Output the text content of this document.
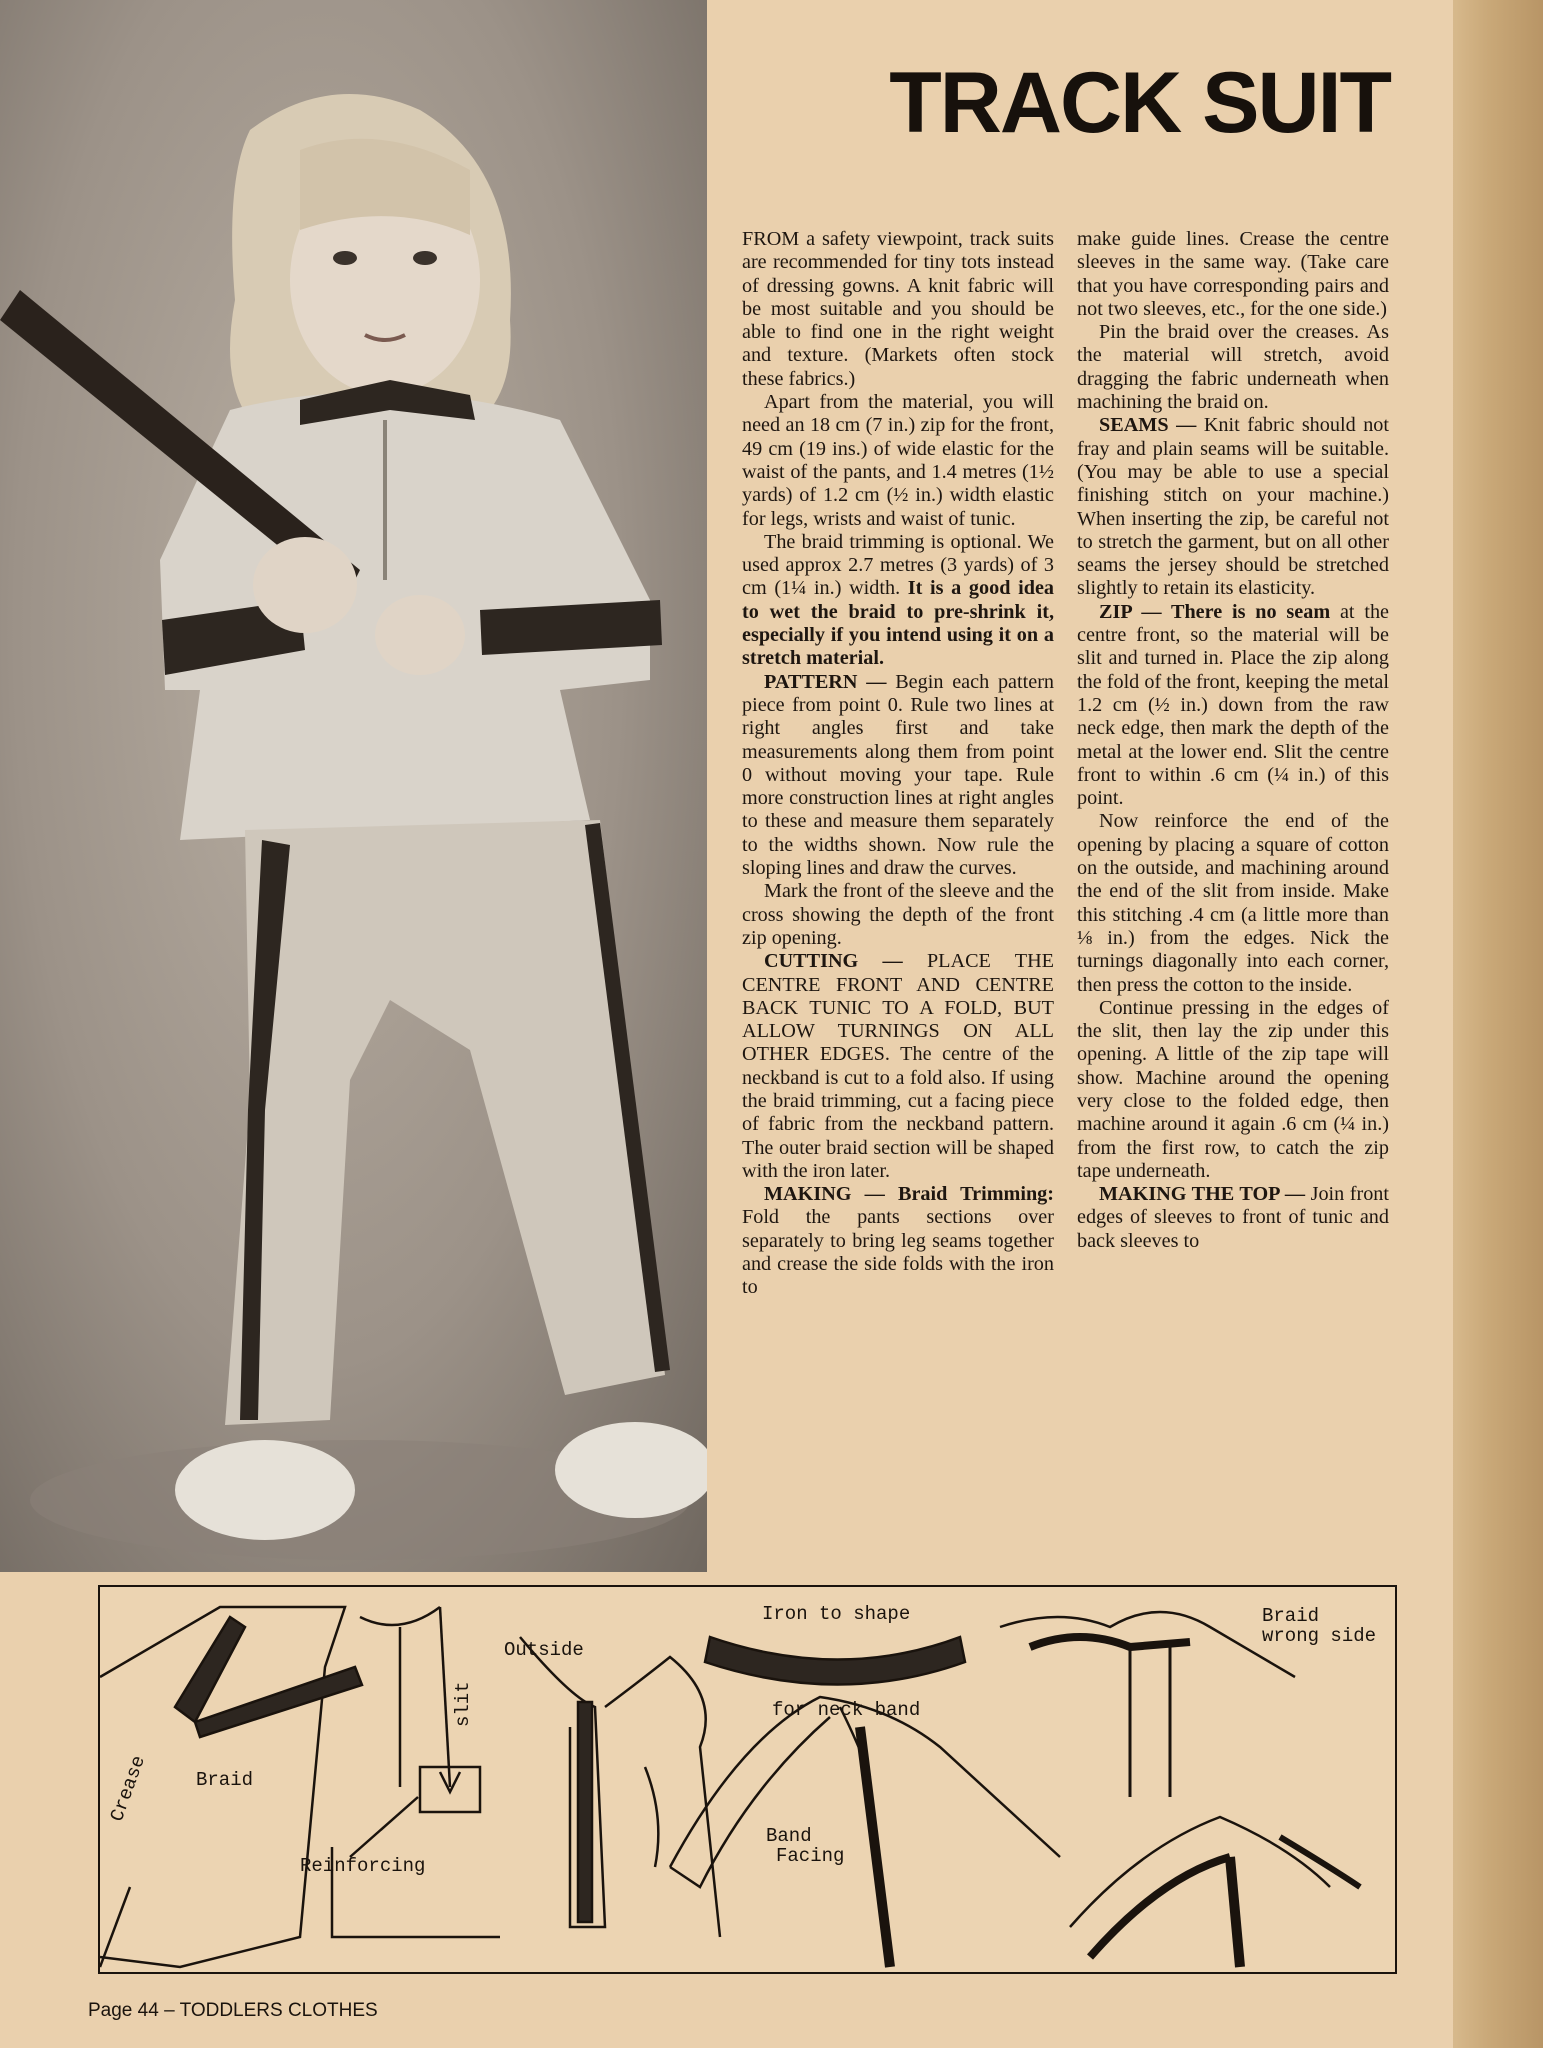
TRACK SUIT

FROM a safety viewpoint, track suits are recommended for tiny tots instead of dressing gowns. A knit fabric will be most suitable and you should be able to find one in the right weight and texture. (Markets often stock these fabrics.)

Apart from the material, you will need an 18 cm (7 in.) zip for the front, 49 cm (19 ins.) of wide elastic for the waist of the pants, and 1.4 metres (1½ yards) of 1.2 cm (½ in.) width elastic for legs, wrists and waist of tunic.

The braid trimming is optional. We used approx 2.7 metres (3 yards) of 3 cm (1¼ in.) width. It is a good idea to wet the braid to pre-shrink it, especially if you intend using it on a stretch material.

PATTERN — Begin each pattern piece from point 0. Rule two lines at right angles first and take measurements along them from point 0 without moving your tape. Rule more construction lines at right angles to these and measure them separately to the widths shown. Now rule the sloping lines and draw the curves.

Mark the front of the sleeve and the cross showing the depth of the front zip opening.

CUTTING — PLACE THE CENTRE FRONT AND CENTRE BACK TUNIC TO A FOLD, BUT ALLOW TURNINGS ON ALL OTHER EDGES. The centre of the neckband is cut to a fold also. If using the braid trimming, cut a facing piece of fabric from the neckband pattern. The outer braid section will be shaped with the iron later.

MAKING — Braid Trimming: Fold the pants sections over separately to bring leg seams together and crease the side folds with the iron to

make guide lines. Crease the centre sleeves in the same way. (Take care that you have corresponding pairs and not two sleeves, etc., for the one side.)

Pin the braid over the creases. As the material will stretch, avoid dragging the fabric underneath when machining the braid on.

SEAMS — Knit fabric should not fray and plain seams will be suitable. (You may be able to use a special finishing stitch on your machine.) When inserting the zip, be careful not to stretch the garment, but on all other seams the jersey should be stretched slightly to retain its elasticity.

ZIP — There is no seam at the centre front, so the material will be slit and turned in. Place the zip along the fold of the front, keeping the metal 1.2 cm (½ in.) down from the raw neck edge, then mark the depth of the metal at the lower end. Slit the centre front to within .6 cm (¼ in.) of this point.

Now reinforce the end of the opening by placing a square of cotton on the outside, and machining around the end of the slit from inside. Make this stitching .4 cm (a little more than ⅛ in.) from the edges. Nick the turnings diagonally into each corner, then press the cotton to the inside.

Continue pressing in the edges of the slit, then lay the zip under this opening. A little of the zip tape will show. Machine around the opening very close to the folded edge, then machine around it again .6 cm (¼ in.) from the first row, to catch the zip tape underneath.

MAKING THE TOP — Join front edges of sleeves to front of tunic and back sleeves to

Crease Braid
Outside
slit
Reinforcing
Iron to shape
for neck band
Band
Facing
Braid
wrong side
Page 44 – TODDLERS CLOTHES
